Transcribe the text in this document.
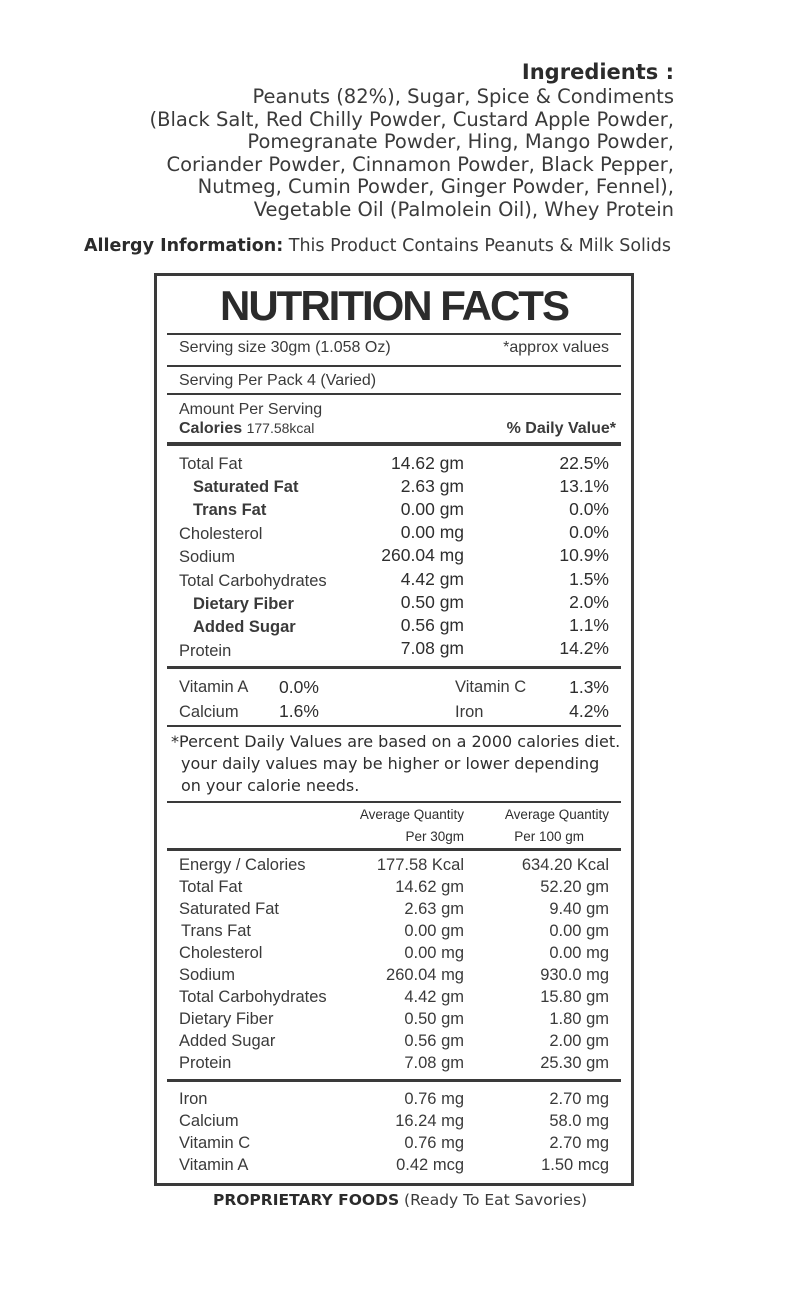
Ingredients :
Peanuts (82%), Sugar, Spice & Condiments
(Black Salt, Red Chilly Powder, Custard Apple Powder,
Pomegranate Powder, Hing, Mango Powder,
Coriander Powder, Cinnamon Powder, Black Pepper,
Nutmeg, Cumin Powder, Ginger Powder, Fennel),
Vegetable Oil (Palmolein Oil), Whey Protein
Allergy Information: This Product Contains Peanuts & Milk Solids
NUTRITION FACTS
Serving size 30gm (1.058 Oz)	*approx values
Serving Per Pack 4 (Varied)
Amount Per Serving
Calories 177.58kcal	% Daily Value*
Total Fat	14.62 gm	22.5%
Saturated Fat	2.63 gm	13.1%
Trans Fat	0.00 gm	0.0%
Cholesterol	0.00 mg	0.0%
Sodium	260.04 mg	10.9%
Total Carbohydrates	4.42 gm	1.5%
Dietary Fiber	0.50 gm	2.0%
Added Sugar	0.56 gm	1.1%
Protein	7.08 gm	14.2%
Vitamin A 0.0%	Vitamin C 1.3%
Calcium 1.6%	Iron	4.2%
*Percent Daily Values are based on a 2000 calories diet.
your daily values may be higher or lower depending
on your calorie needs.
Average Quantity
Per 30gm
Average Quantity
Per 100 gm
Energy / Calories	177.58 Kcal	634.20 Kcal
Total Fat	14.62 gm	52.20 gm
Saturated Fat	2.63 gm	9.40 gm
Trans Fat	0.00 gm	0.00 gm
Cholesterol	0.00 mg	0.00 mg
Sodium	260.04 mg	930.0 mg
Total Carbohydrates	4.42 gm	15.80 gm
Dietary Fiber	0.50 gm	1.80 gm
Added Sugar	0.56 gm	2.00 gm
Protein	7.08 gm	25.30 gm
Iron	0.76 mg	2.70 mg
Calcium	16.24 mg	58.0 mg
Vitamin C	0.76 mg	2.70 mg
Vitamin A	0.42 mcg	1.50 mcg
PROPRIETARY FOODS (Ready To Eat Savories)
